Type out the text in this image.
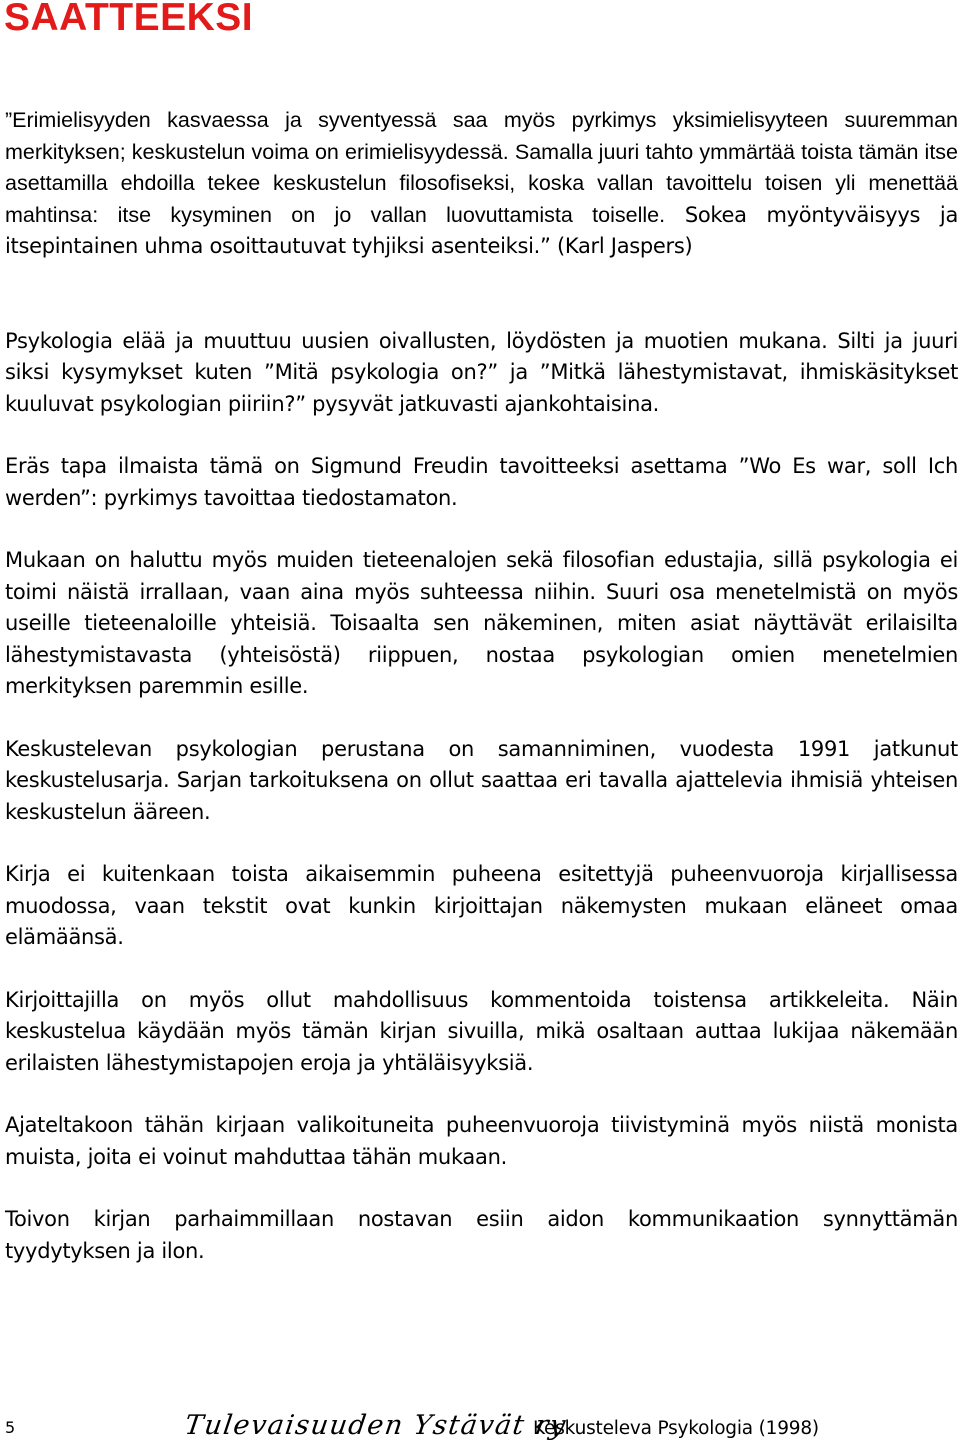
SAATTEEKSI

”Erimielisyyden kasvaessa ja syventyessä saa myös pyrkimys yksimielisyyteen suuremman merkityksen; keskustelun voima on erimielisyydessä. Samalla juuri tahto ymmärtää toista tämän itse asettamilla ehdoilla tekee keskustelun filosofiseksi, koska vallan tavoittelu toisen yli menettää mahtinsa: itse kysyminen on jo vallan luovuttamista toiselle. Sokea myöntyväisyys ja itsepintainen uhma osoittautuvat tyhjiksi asenteiksi.” (Karl Jaspers)

Psykologia elää ja muuttuu uusien oivallusten, löydösten ja muotien mukana. Silti ja juuri siksi kysymykset kuten ”Mitä psykologia on?” ja ”Mitkä lähestymistavat, ihmiskäsitykset kuuluvat psykologian piiriin?” pysyvät jatkuvasti ajankohtaisina.

Eräs tapa ilmaista tämä on Sigmund Freudin tavoitteeksi asettama ”Wo Es war, soll Ich werden”: pyrkimys tavoittaa tiedostamaton.

Mukaan on haluttu myös muiden tieteenalojen sekä filosofian edustajia, sillä psykologia ei toimi näistä irrallaan, vaan aina myös suhteessa niihin. Suuri osa menetelmistä on myös useille tieteenaloille yhteisiä. Toisaalta sen näkeminen, miten asiat näyttävät erilaisilta lähestymistavasta (yhteisöstä) riippuen, nostaa psykologian omien menetelmien merkityksen paremmin esille.

Keskustelevan psykologian perustana on samanniminen, vuodesta 1991 jatkunut keskustelusarja. Sarjan tarkoituksena on ollut saattaa eri tavalla ajattelevia ihmisiä yhteisen keskustelun ääreen.

Kirja ei kuitenkaan toista aikaisemmin puheena esitettyjä puheenvuoroja kirjallisessa muodossa, vaan tekstit ovat kunkin kirjoittajan näkemysten mukaan eläneet omaa elämäänsä.

Kirjoittajilla on myös ollut mahdollisuus kommentoida toistensa artikkeleita. Näin keskustelua käydään myös tämän kirjan sivuilla, mikä osaltaan auttaa lukijaa näkemään erilaisten lähestymistapojen eroja ja yhtäläisyyksiä.

Ajateltakoon tähän kirjaan valikoituneita puheenvuoroja tiivistyminä myös niistä monista muista, joita ei voinut mahduttaa tähän mukaan.

Toivon kirjan parhaimmillaan nostavan esiin aidon kommunikaation synnyttämän tyydytyksen ja ilon.

5	Tulevaisuuden Ystävät ry
Keskusteleva Psykologia (1998)
